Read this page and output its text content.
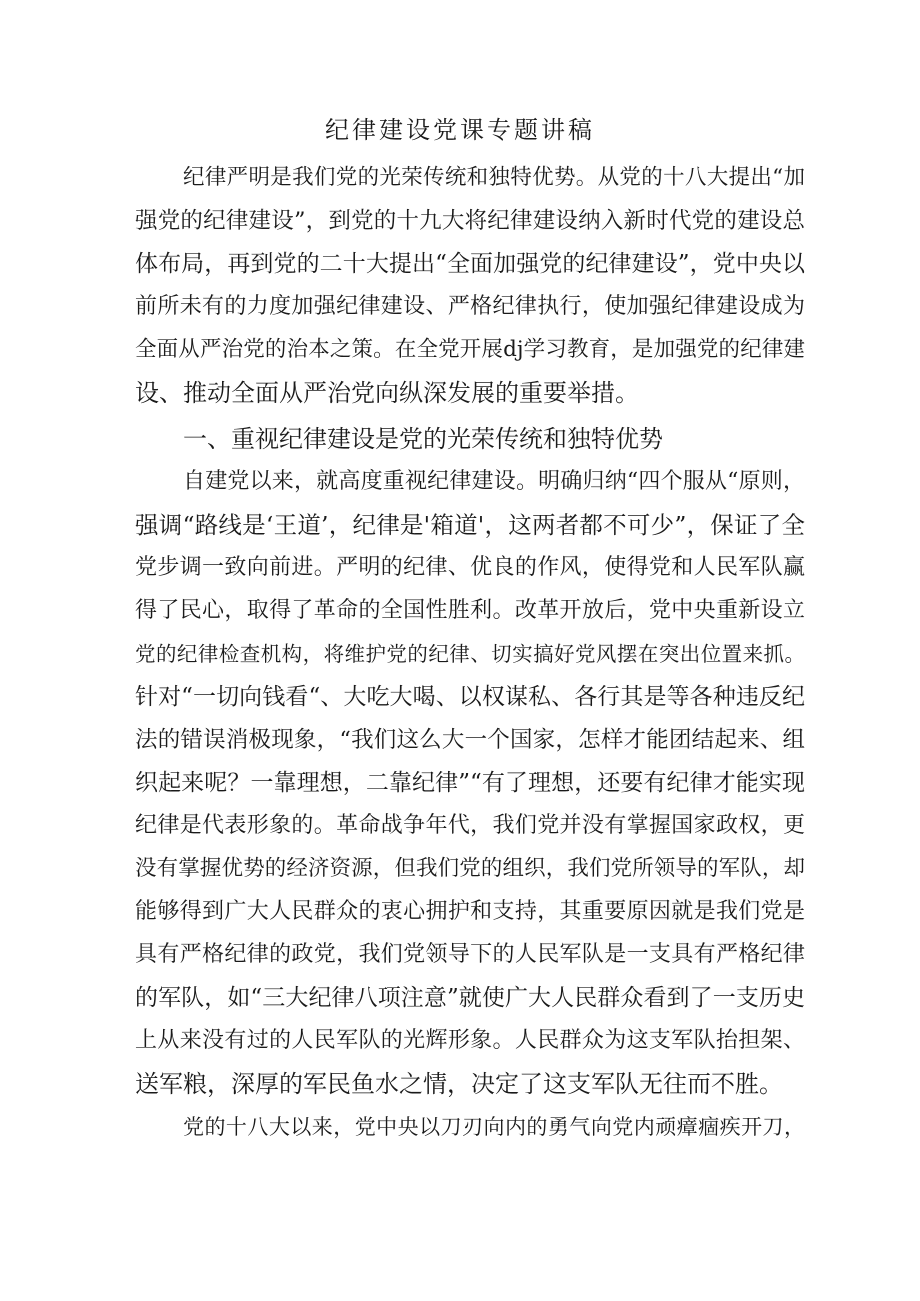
纪律建设党课专题讲稿

纪律严明是我们党的光荣传统和独特优势。从党的十八大提出“加

强党的纪律建设”，到党的十九大将纪律建设纳入新时代党的建设总

体布局，再到党的二十大提出“全面加强党的纪律建设”，党中央以

前所未有的力度加强纪律建设、严格纪律执行，使加强纪律建设成为

全面从严治党的治本之策。在全党开展dj学习教育，是加强党的纪律建

设、推动全面从严治党向纵深发展的重要举措。

一、重视纪律建设是党的光荣传统和独特优势

自建党以来，就高度重视纪律建设。明确归纳“四个服从“原则，

强调“路线是‘王道’，纪律是'箱道'，这两者都不可少”，保证了全

党步调一致向前进。严明的纪律、优良的作风，使得党和人民军队赢

得了民心，取得了革命的全国性胜利。改革开放后，党中央重新设立

党的纪律检查机构，将维护党的纪律、切实搞好党风摆在突出位置来抓。

针对“一切向钱看“、大吃大喝、以权谋私、各行其是等各种违反纪

法的错误消极现象，“我们这么大一个国家，怎样才能团结起来、组

织起来呢？一靠理想，二靠纪律”“有了理想，还要有纪律才能实现

纪律是代表形象的。革命战争年代，我们党并没有掌握国家政权，更

没有掌握优势的经济资源，但我们党的组织，我们党所领导的军队，却

能够得到广大人民群众的衷心拥护和支持，其重要原因就是我们党是

具有严格纪律的政党，我们党领导下的人民军队是一支具有严格纪律

的军队，如“三大纪律八项注意”就使广大人民群众看到了一支历史

上从来没有过的人民军队的光辉形象。人民群众为这支军队抬担架、

送军粮，深厚的军民鱼水之情，决定了这支军队无往而不胜。

党的十八大以来，党中央以刀刃向内的勇气向党内顽瘴痼疾开刀，
